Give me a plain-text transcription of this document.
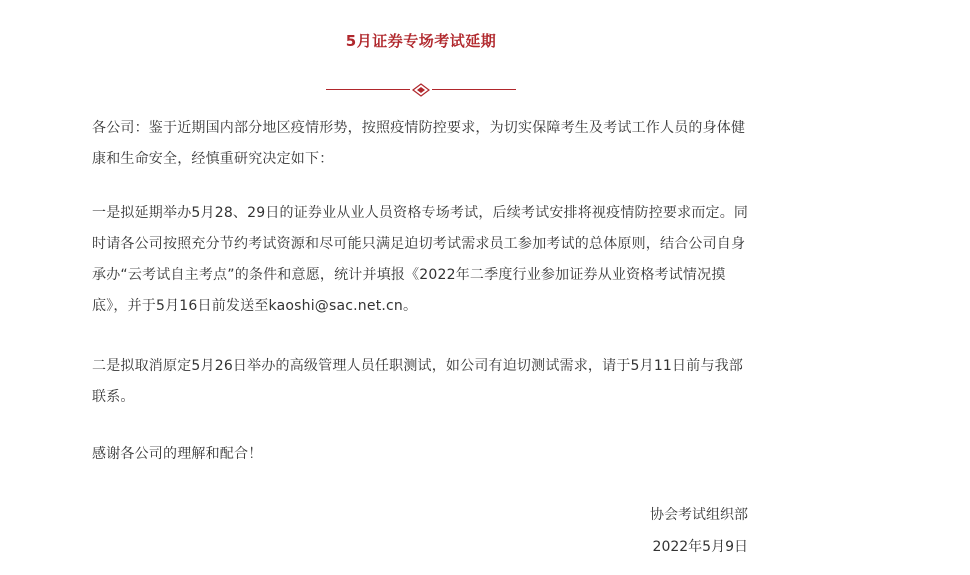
5月证券专场考试延期

各公司：鉴于近期国内部分地区疫情形势，按照疫情防控要求，为切实保障考生及考试工作人员的身体健康和生命安全，经慎重研究决定如下：

一是拟延期举办5月28、29日的证券业从业人员资格专场考试，后续考试安排将视疫情防控要求而定。同时请各公司按照充分节约考试资源和尽可能只满足迫切考试需求员工参加考试的总体原则，结合公司自身承办“云考试自主考点”的条件和意愿，统计并填报《2022年二季度行业参加证券从业资格考试情况摸底》，并于5月16日前发送至kaoshi@sac.net.cn。

二是拟取消原定5月26日举办的高级管理人员任职测试，如公司有迫切测试需求，请于5月11日前与我部联系。

感谢各公司的理解和配合！

协会考试组织部
2022年5月9日
